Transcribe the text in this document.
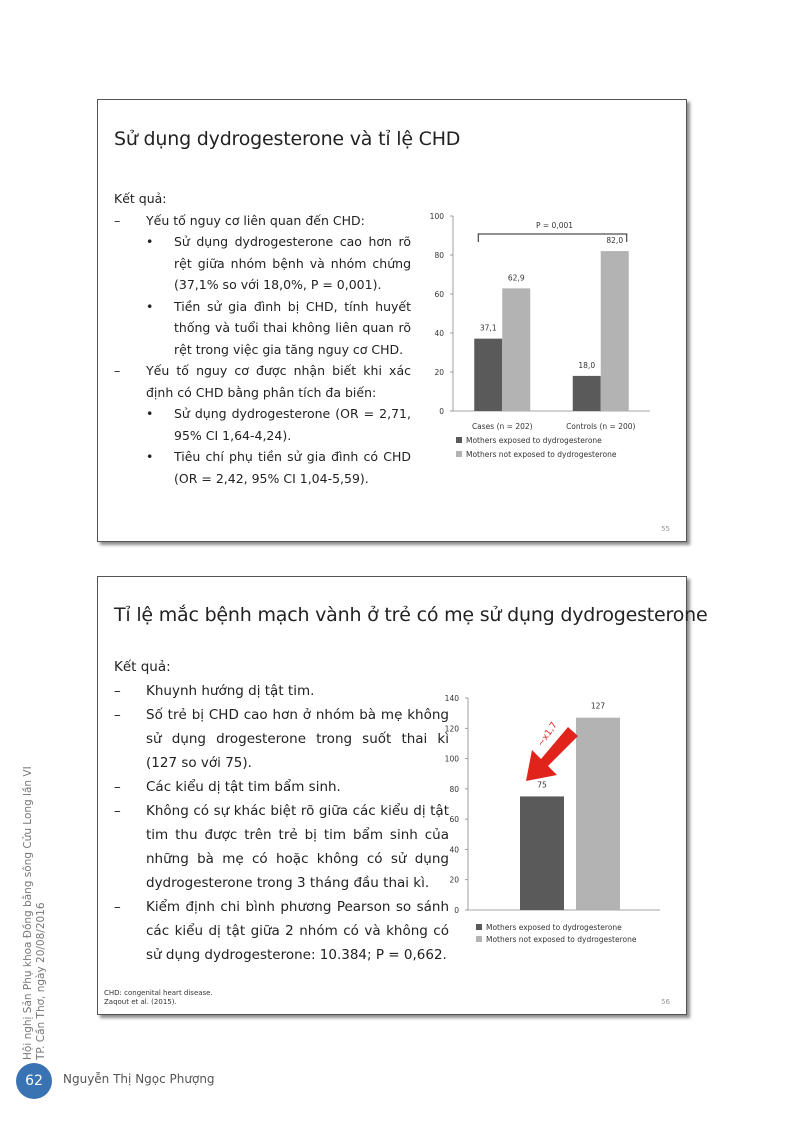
Sử dụng dydrogesterone và tỉ lệ CHD
Kết quả:
– Yếu tố nguy cơ liên quan đến CHD:
• Sử dụng dydrogesterone cao hơn rõ rệt giữa nhóm bệnh và nhóm chứng (37,1% so với 18,0%, P = 0,001).
• Tiền sử gia đình bị CHD, tính huyết thống và tuổi thai không liên quan rõ rệt trong việc gia tăng nguy cơ CHD.
– Yếu tố nguy cơ được nhận biết khi xác định có CHD bằng phân tích đa biến:
• Sử dụng dydrogesterone (OR = 2,71, 95% CI 1,64-4,24).
• Tiêu chí phụ tiền sử gia đình có CHD (OR = 2,42, 95% CI 1,04-5,59).
0
20
40
60
80
100
Cases (n = 202)
37,1
62,9
Controls (n = 200)
18,0
82,0
P = 0,001
Mothers exposed to dydrogesterone
Mothers not exposed to dydrogesterone
55
Tỉ lệ mắc bệnh mạch vành ở trẻ có mẹ sử dụng dydrogesterone
Kết quả:
– Khuynh hướng dị tật tim.
– Số trẻ bị CHD cao hơn ở nhóm bà mẹ không sử dụng drogesterone trong suốt thai kì (127 so với 75).
– Các kiểu dị tật tim bẩm sinh.
– Không có sự khác biệt rõ giữa các kiểu dị tật tim thu được trên trẻ bị tim bẩm sinh của những bà mẹ có hoặc không có sử dụng dydrogesterone trong 3 tháng đầu thai kì.
– Kiểm định chi bình phương Pearson so sánh các kiểu dị tật giữa 2 nhóm có và không có sử dụng dydrogesterone: 10.384; P = 0,662.
0
20
40
60
80
100
120
140
75
127
~x1,7
Mothers exposed to dydrogesterone
Mothers not exposed to dydrogesterone
CHD: congenital heart disease.
Zaqout et al. (2015).	56
Hội nghị Sản Phụ khoa Đồng bằng sông Cửu Long lần VI TP. Cần Thơ, ngày 20/08/2016
62	Nguyễn Thị Ngọc Phượng
